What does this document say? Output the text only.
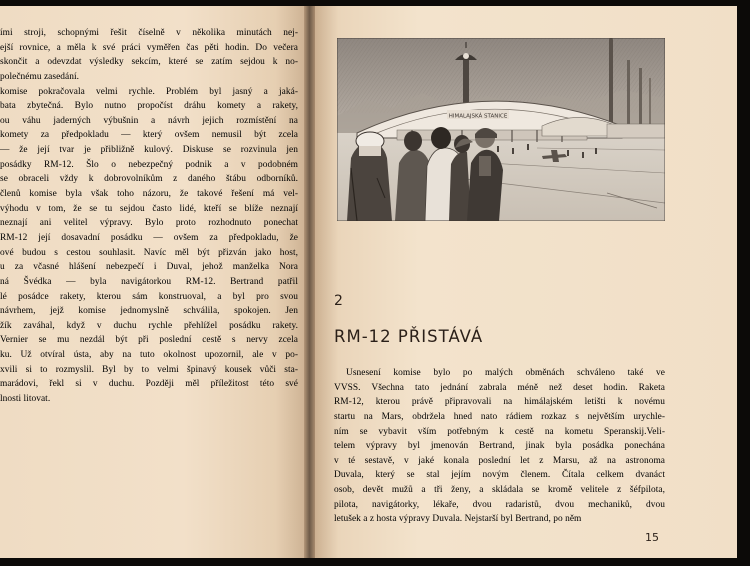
ími stroji, schopnými řešit číselně v několika minutách nej-
ejší rovnice, a měla k své práci vyměřen čas pěti hodin. Do večera
skončit a odevzdat výsledky sekcím, které se zatím sejdou k no-
polečnému zasedání.
komise pokračovala velmi rychle. Problém byl jasný a jaká-
bata zbytečná. Bylo nutno propočíst dráhu komety a rakety,
ou váhu jaderných výbušnin a návrh jejich rozmístění na
komety za předpokladu — který ovšem nemusil být zcela
— že její tvar je přibližně kulový. Diskuse se rozvinula jen
posádky RM-12. Šlo o nebezpečný podnik a v podobném
se obraceli vždy k dobrovolníkům z daného štábu odborníků.
členů komise byla však toho názoru, že takové řešení má vel-
výhodu v tom, že se tu sejdou často lidé, kteří se blíže neznají
neznají ani velitel výpravy. Bylo proto rozhodnuto ponechat
RM-12 její dosavadní posádku — ovšem za předpokladu, že
ové budou s cestou souhlasit. Navíc měl být přizván jako host,
u za včasné hlášení nebezpečí i Duval, jehož manželka Nora
ná Švédka — byla navigátorkou RM-12. Bertrand patřil
lé posádce rakety, kterou sám konstruoval, a byl pro svou
návrhem, jejž komise jednomyslně schválila, spokojen. Jen
žík zaváhal, když v duchu rychle přehlížel posádku rakety.
Vernier se mu nezdál být při poslední cestě s nervy zcela
ku. Už otvíral ústa, aby na tuto okolnost upozornil, ale v po-
xvili si to rozmyslil. Byl by to velmi špinavý kousek vůči sta-
marádovi, řekl si v duchu. Později měl příležitost této své
lnosti litovat.
HIMALAJSKÁ STANICE
2
RM-12 PŘISTÁVÁ
Usnesení komise bylo po malých obměnách schváleno také ve
VVSS. Všechna tato jednání zabrala méně než deset hodin. Raketa
RM-12, kterou právě připravovali na himálajském letišti k novému
startu na Mars, obdržela hned nato rádiem rozkaz s největším urychle-
ním se vybavit vším potřebným k cestě na kometu Speranskij.Veli-
telem výpravy byl jmenován Bertrand, jinak byla posádka ponechána
v té sestavě, v jaké konala poslední let z Marsu, až na astronoma
Duvala, který se stal jejím novým členem. Čítala celkem dvanáct
osob, devět mužů a tři ženy, a skládala se kromě velitele z šéfpilota,
pilota, navigátorky, lékaře, dvou radaristů, dvou mechaniků, dvou
letušek a z hosta výpravy Duvala. Nejstarší byl Bertrand, po něm
15
